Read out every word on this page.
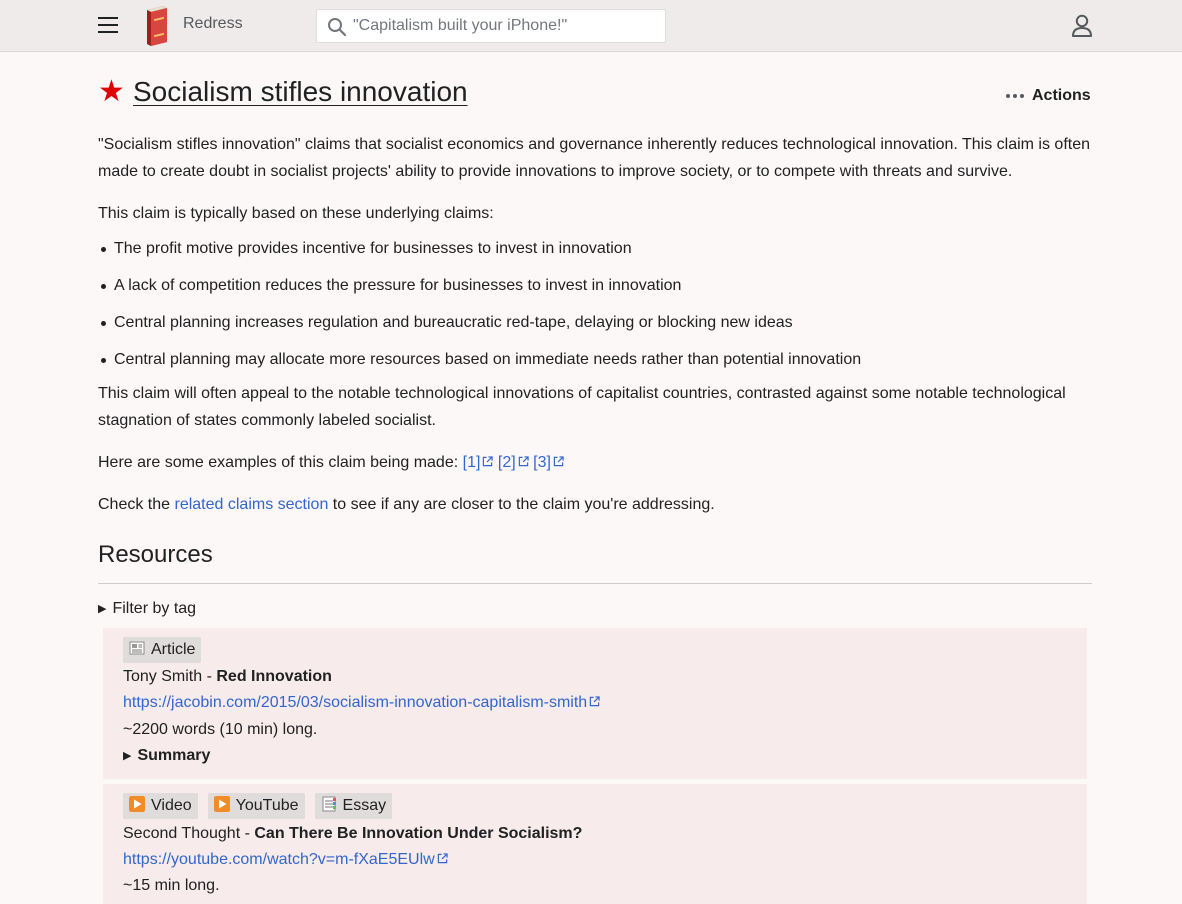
Redress
"Capitalism built your iPhone!"
★ Socialism stifles innovation	Actions

"Socialism stifles innovation" claims that socialist economics and governance inherently reduces technological innovation. This claim is often made to create doubt in socialist projects' ability to provide innovations to improve society, or to compete with threats and survive.

This claim is typically based on these underlying claims:

The profit motive provides incentive for businesses to invest in innovation
A lack of competition reduces the pressure for businesses to invest in innovation
Central planning increases regulation and bureaucratic red-tape, delaying or blocking new ideas
Central planning may allocate more resources based on immediate needs rather than potential innovation

This claim will often appeal to the notable technological innovations of capitalist countries, contrasted against some notable technological stagnation of states commonly labeled socialist.

Here are some examples of this claim being made: [1] [2] [3]

Check the related claims section to see if any are closer to the claim you're addressing.

Resources
▶ Filter by tag
Article
Tony Smith - Red Innovation
https://jacobin.com/2015/03/socialism-innovation-capitalism-smith
~2200 words (10 min) long.
▶ Summary
Video	YouTube	Essay
Second Thought - Can There Be Innovation Under Socialism?
https://youtube.com/watch?v=m-fXaE5EUlw
~15 min long.
